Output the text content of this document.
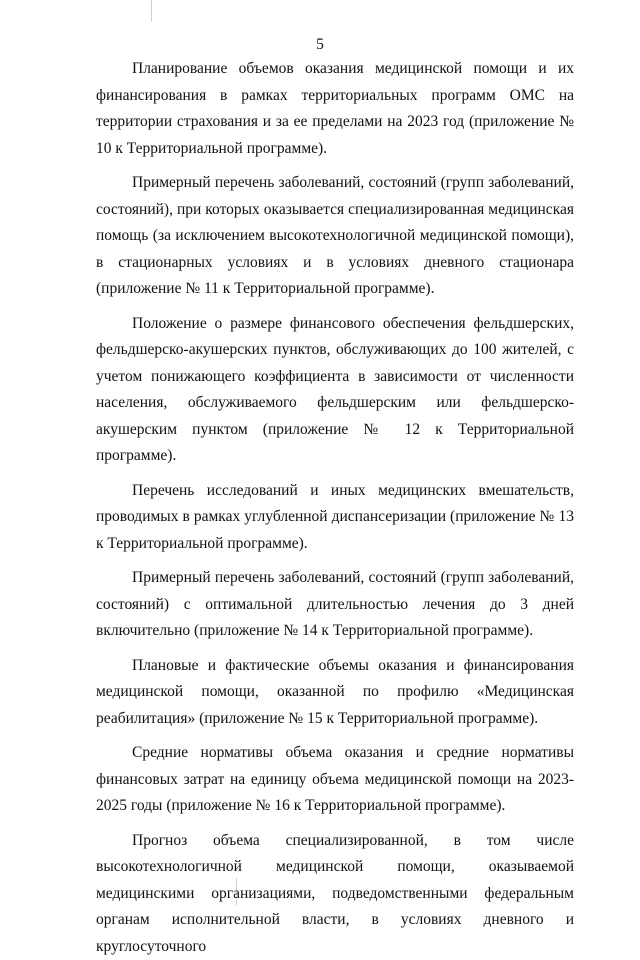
5

Планирование объемов оказания медицинской помощи и их финансирования в рамках территориальных программ ОМС на территории страхования и за ее пределами на 2023 год (приложение № 10 к Территориальной программе).

Примерный перечень заболеваний, состояний (групп заболеваний, состояний), при которых оказывается специализированная медицинская помощь (за исключением высокотехнологичной медицинской помощи), в стационарных условиях и в условиях дневного стационара (приложение № 11 к Территориальной программе).

Положение о размере финансового обеспечения фельдшерских, фельдшерско-акушерских пунктов, обслуживающих до 100 жителей, с учетом понижающего коэффициента в зависимости от численности населения, обслуживаемого фельдшерским или фельдшерско-акушерским пунктом (приложение № 12 к Территориальной программе).

Перечень исследований и иных медицинских вмешательств, проводимых в рамках углубленной диспансеризации (приложение № 13 к Территориальной программе).

Примерный перечень заболеваний, состояний (групп заболеваний, состояний) с оптимальной длительностью лечения до 3 дней включительно (приложение № 14 к Территориальной программе).

Плановые и фактические объемы оказания и финансирования медицинской помощи, оказанной по профилю «Медицинская реабилитация» (приложение № 15 к Территориальной программе).

Средние нормативы объема оказания и средние нормативы финансовых затрат на единицу объема медицинской помощи на 2023-2025 годы (приложение № 16 к Территориальной программе).

Прогноз объема специализированной, в том числе высокотехнологичной медицинской помощи, оказываемой медицинскими организациями, подведомственными федеральным органам исполнительной власти, в условиях дневного и круглосуточного
